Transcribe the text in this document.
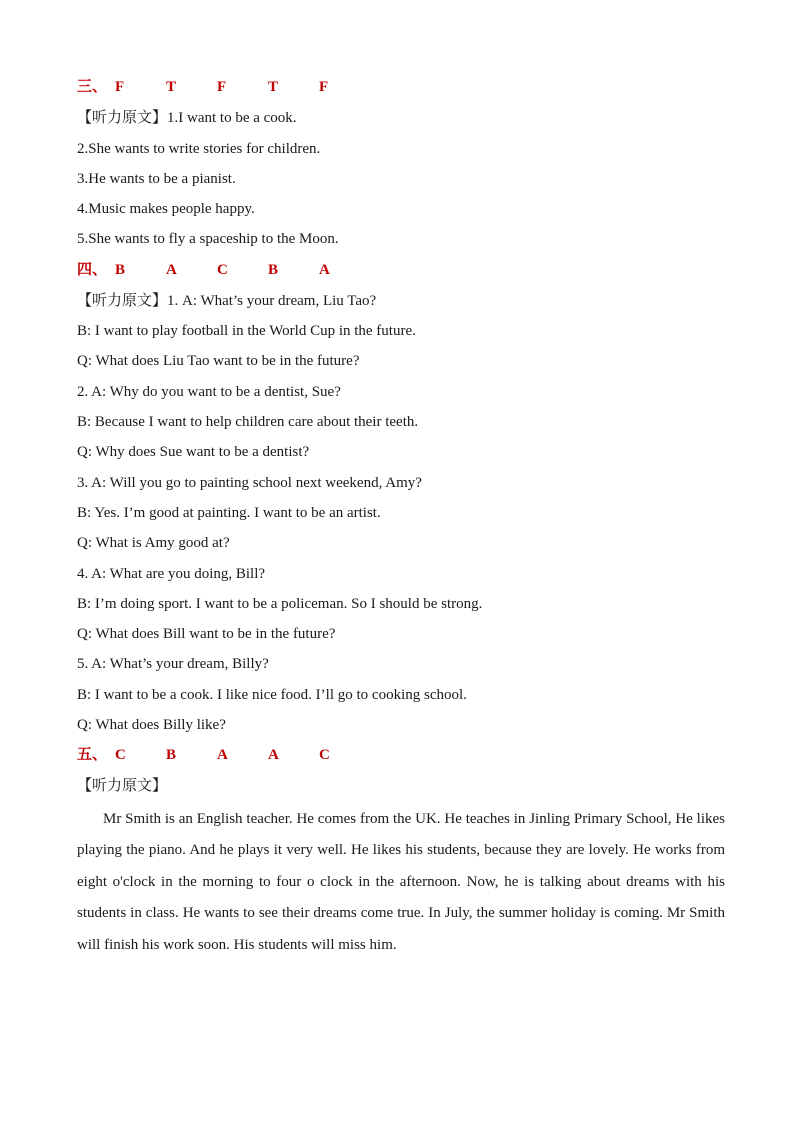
三、 F	T	F	T	F
【听力原文】1.I want to be a cook.
2.She wants to write stories for children.
3.He wants to be a pianist.
4.Music makes people happy.
5.She wants to fly a spaceship to the Moon.
四、 B	A	C	B	A
【听力原文】1. A: What’s your dream, Liu Tao?
B: I want to play football in the World Cup in the future.
Q: What does Liu Tao want to be in the future?
2. A: Why do you want to be a dentist, Sue?
B: Because I want to help children care about their teeth.
Q: Why does Sue want to be a dentist?
3. A: Will you go to painting school next weekend, Amy?
B: Yes. I’m good at painting. I want to be an artist.
Q: What is Amy good at?
4. A: What are you doing, Bill?
B: I’m doing sport. I want to be a policeman. So I should be strong.
Q: What does Bill want to be in the future?
5. A: What’s your dream, Billy?
B: I want to be a cook. I like nice food. I’ll go to cooking school.
Q: What does Billy like?
五、 C	B	A	A	C
【听力原文】
Mr Smith is an English teacher. He comes from the UK. He teaches in Jinling Primary School, He likes playing the piano. And he plays it very well. He likes his students, because they are lovely. He works from eight o'clock in the morning to four o clock in the afternoon. Now, he is talking about dreams with his students in class. He wants to see their dreams come true. In July, the summer holiday is coming. Mr Smith will finish his work soon. His students will miss him.
